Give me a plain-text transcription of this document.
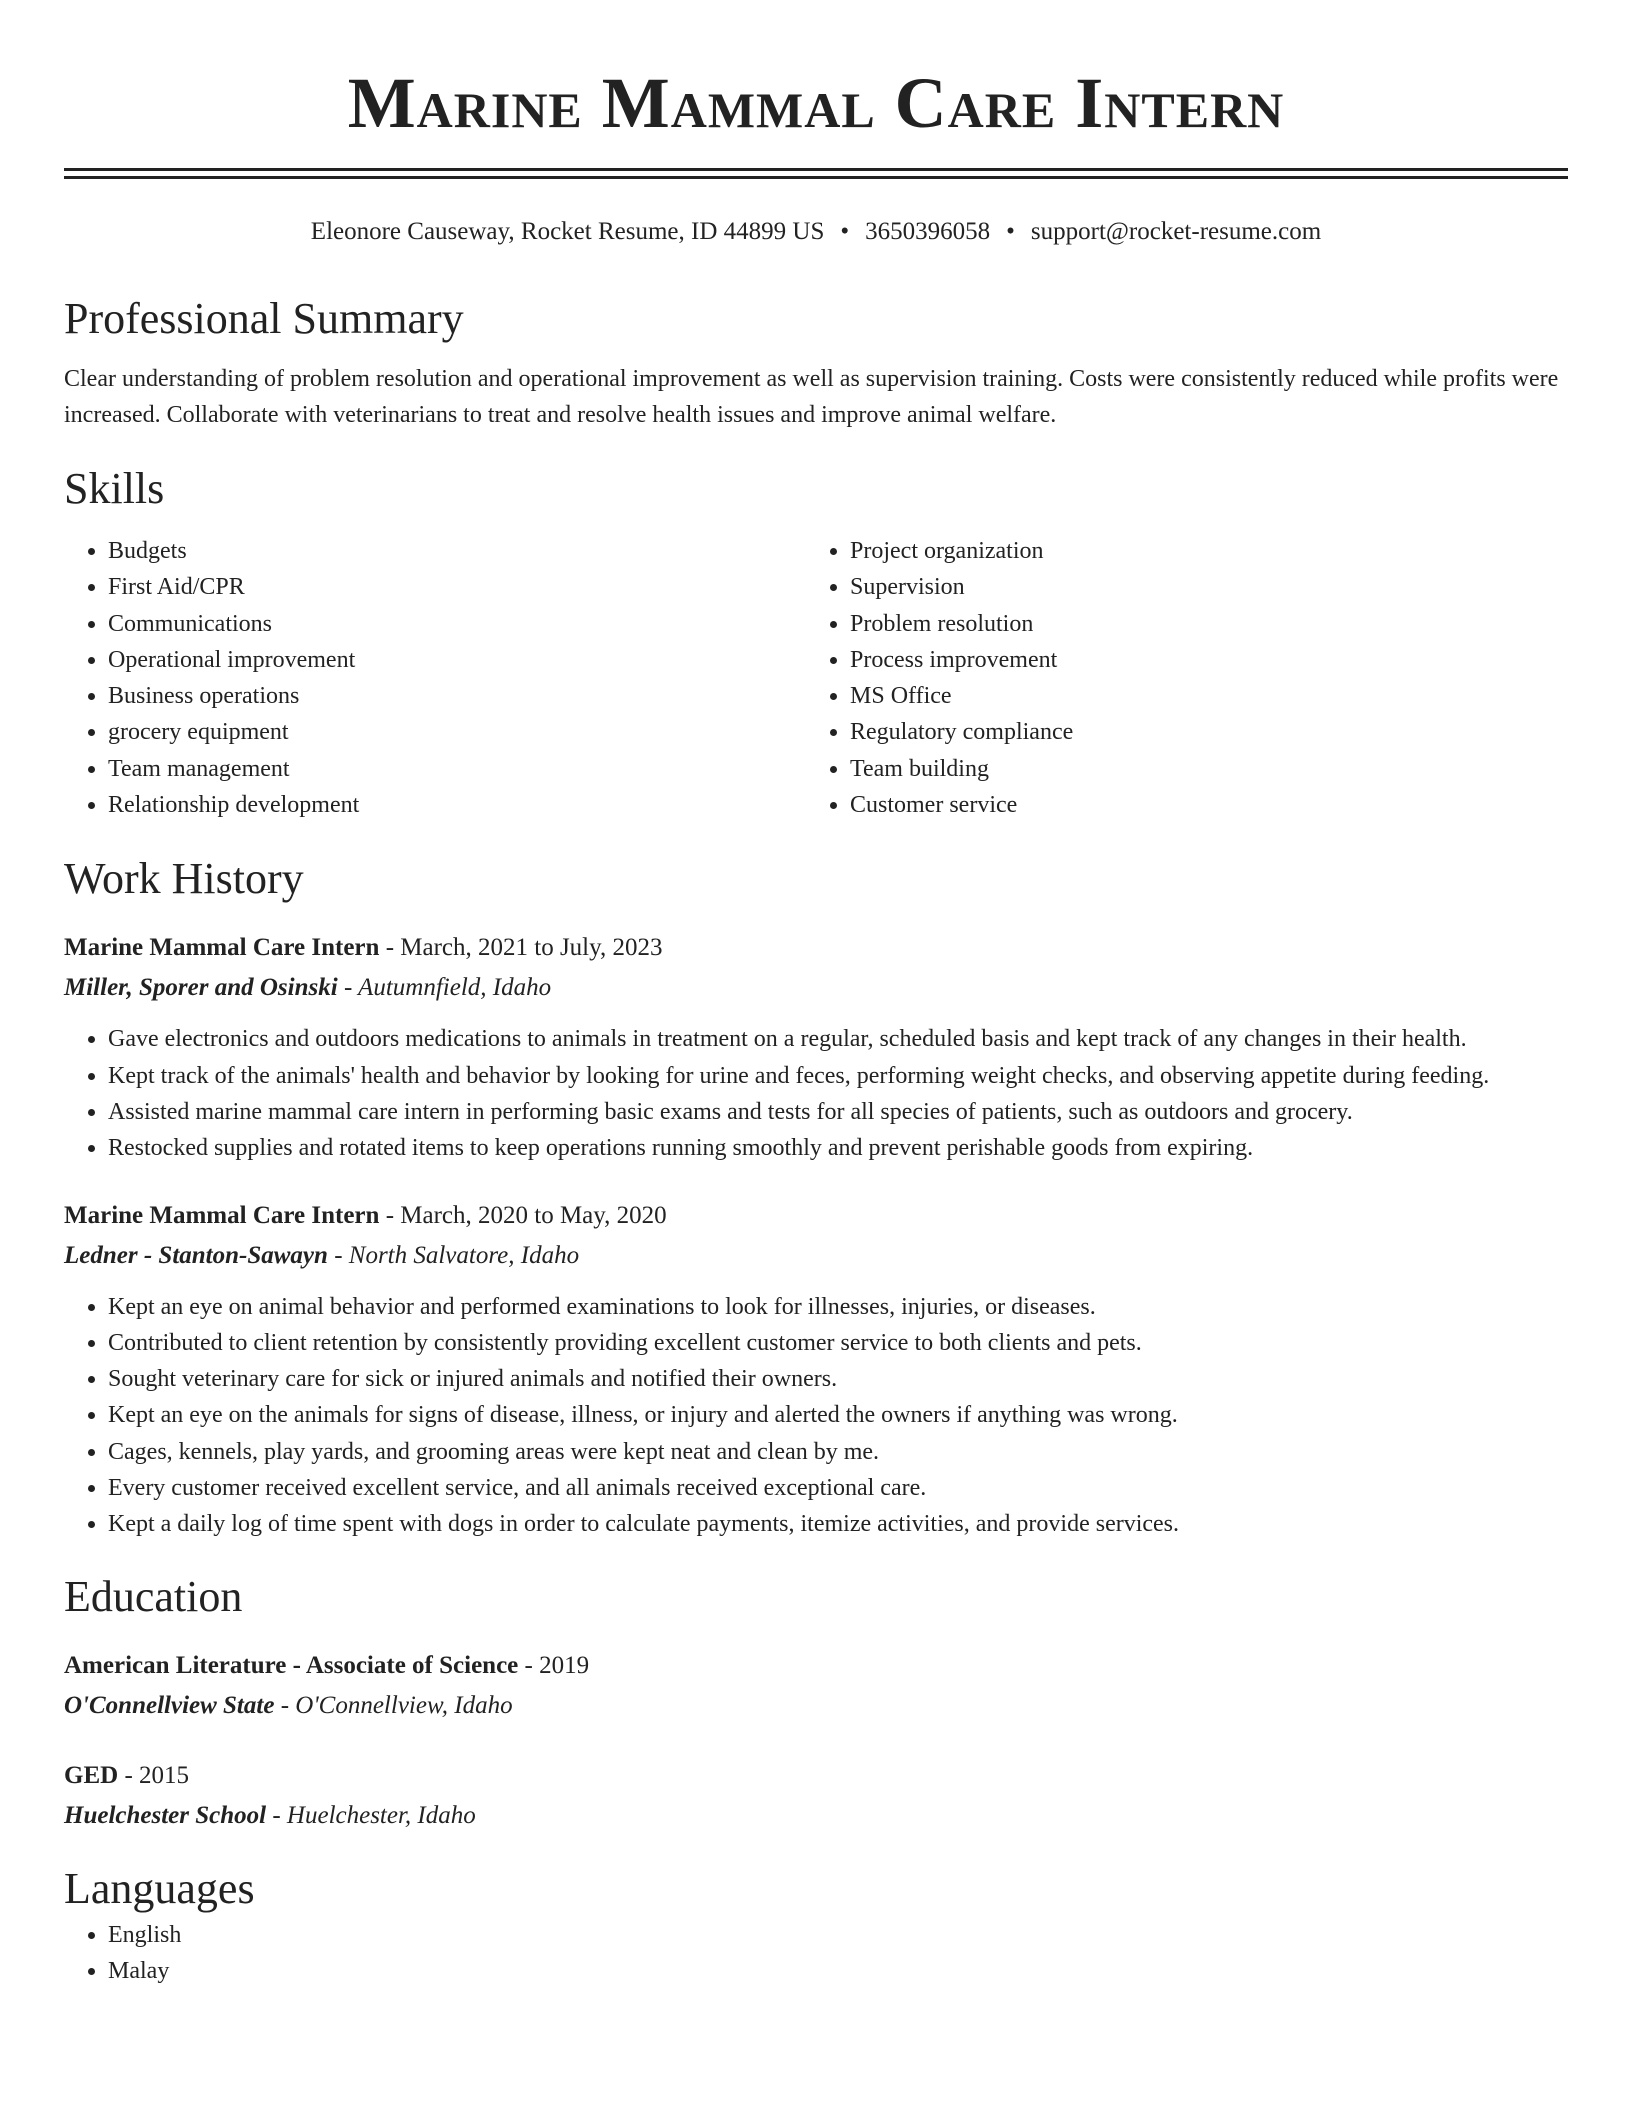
Marine Mammal Care Intern
Eleonore Causeway, Rocket Resume, ID 44899 US • 3650396058 • support@rocket-resume.com
Professional Summary
Clear understanding of problem resolution and operational improvement as well as supervision training. Costs were consistently reduced while profits were increased. Collaborate with veterinarians to treat and resolve health issues and improve animal welfare.
Skills
• Budgets
• First Aid/CPR
• Communications
• Operational improvement
• Business operations
• grocery equipment
• Team management
• Relationship development
• Project organization
• Supervision
• Problem resolution
• Process improvement
• MS Office
• Regulatory compliance
• Team building
• Customer service
Work History
Marine Mammal Care Intern - March, 2021 to July, 2023
Miller, Sporer and Osinski - Autumnfield, Idaho
• Gave electronics and outdoors medications to animals in treatment on a regular, scheduled basis and kept track of any changes in their health.
• Kept track of the animals' health and behavior by looking for urine and feces, performing weight checks, and observing appetite during feeding.
• Assisted marine mammal care intern in performing basic exams and tests for all species of patients, such as outdoors and grocery.
• Restocked supplies and rotated items to keep operations running smoothly and prevent perishable goods from expiring.
Marine Mammal Care Intern - March, 2020 to May, 2020
Ledner - Stanton-Sawayn - North Salvatore, Idaho
• Kept an eye on animal behavior and performed examinations to look for illnesses, injuries, or diseases.
• Contributed to client retention by consistently providing excellent customer service to both clients and pets.
• Sought veterinary care for sick or injured animals and notified their owners.
• Kept an eye on the animals for signs of disease, illness, or injury and alerted the owners if anything was wrong.
• Cages, kennels, play yards, and grooming areas were kept neat and clean by me.
• Every customer received excellent service, and all animals received exceptional care.
• Kept a daily log of time spent with dogs in order to calculate payments, itemize activities, and provide services.
Education
American Literature - Associate of Science - 2019
O'Connellview State - O'Connellview, Idaho
GED - 2015
Huelchester School - Huelchester, Idaho
Languages
• English
• Malay
